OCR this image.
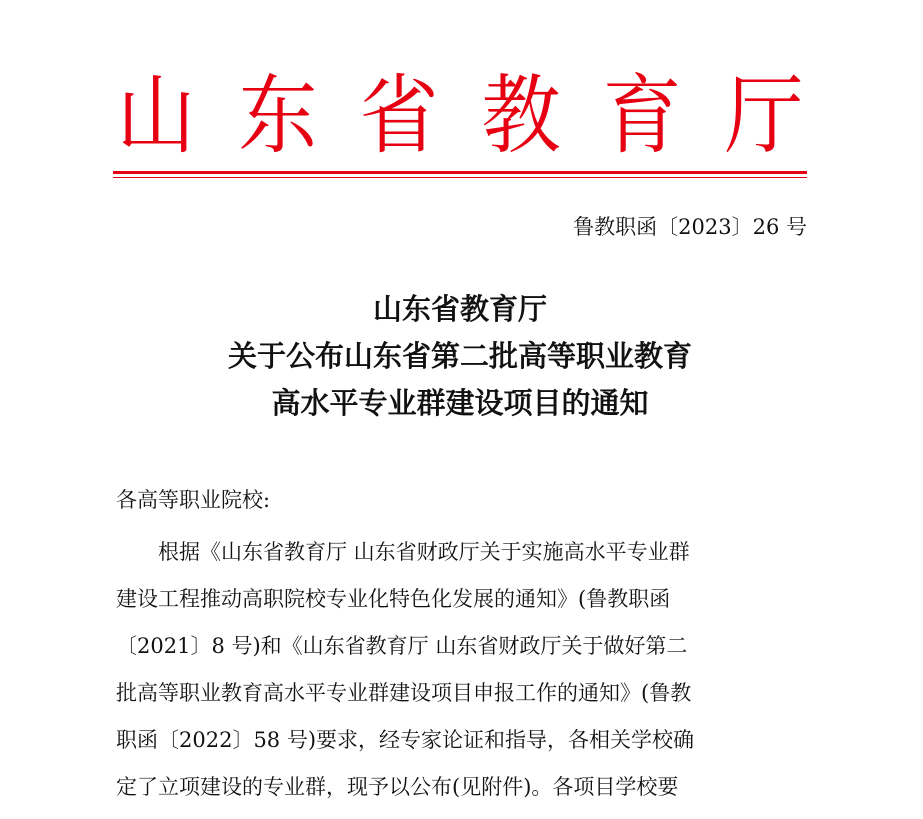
山 东 省 教 育 厅
鲁教职函〔2023〕26 号
山东省教育厅
关于公布山东省第二批高等职业教育
高水平专业群建设项目的通知
各高等职业院校:
根据《山东省教育厅 山东省财政厅关于实施高水平专业群
建设工程推动高职院校专业化特色化发展的通知》(鲁教职函
〔2021〕8 号)和《山东省教育厅 山东省财政厅关于做好第二
批高等职业教育高水平专业群建设项目申报工作的通知》(鲁教
职函〔2022〕58 号)要求，经专家论证和指导，各相关学校确
定了立项建设的专业群，现予以公布(见附件)。各项目学校要
